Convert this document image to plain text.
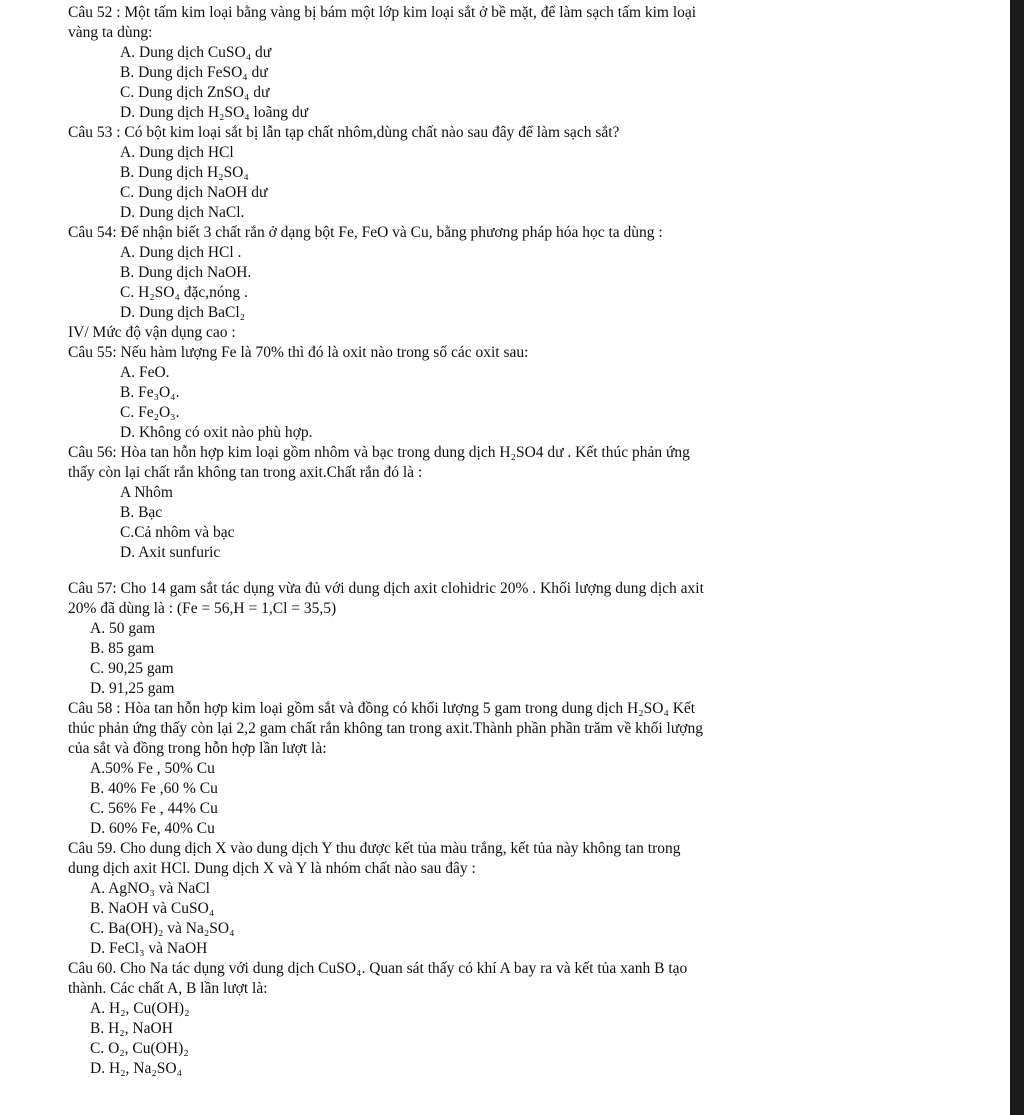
Câu 52 : Một tấm kim loại bằng vàng bị bám một lớp kim loại sắt ở bề mặt, để làm sạch tấm kim loại
vàng ta dùng:
A. Dung dịch CuSO₄ dư
B. Dung dịch FeSO₄ dư
C. Dung dịch ZnSO₄ dư
D. Dung dịch H₂SO₄ loãng dư
Câu 53 : Có bột kim loại sắt bị lẫn tạp chất nhôm,dùng chất nào sau đây để làm sạch sắt?
A. Dung dịch HCl
B. Dung dịch H₂SO₄
C. Dung dịch NaOH dư
D. Dung dịch NaCl.
Câu 54: Để nhận biết 3 chất rắn ở dạng bột Fe, FeO và Cu, bằng phương pháp hóa học ta dùng :
A. Dung dịch HCl .
B. Dung dịch NaOH.
C. H₂SO₄ đặc,nóng .
D. Dung dịch BaCl₂
IV/ Mức độ vận dụng cao :
Câu 55: Nếu hàm lượng Fe là 70% thì đó là oxit nào trong số các oxit sau:
A. FeO.
B. Fe₃O₄.
C. Fe₂O₃.
D. Không có oxit nào phù hợp.
Câu 56: Hòa tan hỗn hợp kim loại gồm nhôm và bạc trong dung dịch H₂SO4 dư . Kết thúc phản ứng
thấy còn lại chất rắn không tan trong axit.Chất rắn đó là :
A Nhôm
B. Bạc
C.Cả nhôm và bạc
D. Axit sunfuric
Câu 57: Cho 14 gam sắt tác dụng vừa đủ với dung dịch axit clohidric 20% . Khối lượng dung dịch axit
20% đã dùng là : (Fe = 56,H = 1,Cl = 35,5)
A. 50 gam
B. 85 gam
C. 90,25 gam
D. 91,25 gam
Câu 58 : Hòa tan hỗn hợp kim loại gồm sắt và đồng có khối lượng 5 gam trong dung dịch H₂SO₄ Kết
thúc phản ứng thấy còn lại 2,2 gam chất rắn không tan trong axit.Thành phần phần trăm về khối lượng
của sắt và đồng trong hỗn hợp lần lượt là:
A.50% Fe , 50% Cu
B. 40% Fe ,60 % Cu
C. 56% Fe , 44% Cu
D. 60% Fe, 40% Cu
Câu 59. Cho dung dịch X vào dung dịch Y thu được kết tủa màu trắng, kết tủa này không tan trong
dung dịch axit HCl. Dung dịch X và Y là nhóm chất nào sau đây :
A. AgNO₃ và NaCl
B. NaOH và CuSO₄
C. Ba(OH)₂ và Na₂SO₄
D. FeCl₃ và NaOH
Câu 60. Cho Na tác dụng với dung dịch CuSO₄. Quan sát thấy có khí A bay ra và kết tủa xanh B tạo
thành. Các chất A, B lần lượt là:
A. H₂, Cu(OH)₂
B. H₂, NaOH
C. O₂, Cu(OH)₂
D. H₂, Na₂SO₄
